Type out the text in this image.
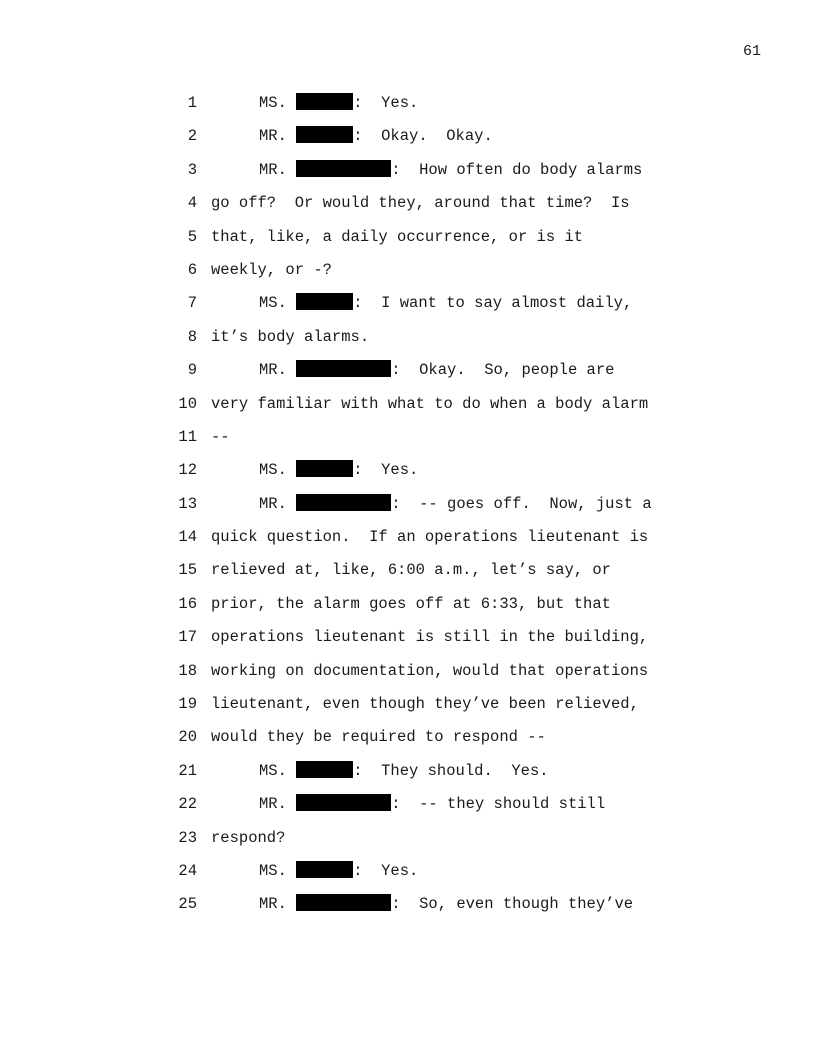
61
1	MS.	:  Yes.
2	MR.	:  Okay.  Okay.
3	MR.	:  How often do body alarms
4 go off?  Or would they, around that time?  Is
5 that, like, a daily occurrence, or is it
6 weekly, or -?
7	MS.	:  I want to say almost daily,
8 it’s body alarms.
9	MR.	:  Okay.  So, people are
10 very familiar with what to do when a body alarm
11 --
12	MS.	:  Yes.
13	MR.	:  -- goes off.  Now, just a
14 quick question.  If an operations lieutenant is
15 relieved at, like, 6:00 a.m., let’s say, or
16 prior, the alarm goes off at 6:33, but that
17 operations lieutenant is still in the building,
18 working on documentation, would that operations
19 lieutenant, even though they’ve been relieved,
20 would they be required to respond --
21	MS.	:  They should.  Yes.
22	MR.	:  -- they should still
23 respond?
24	MS.	:  Yes.
25	MR.	:  So, even though they’ve
